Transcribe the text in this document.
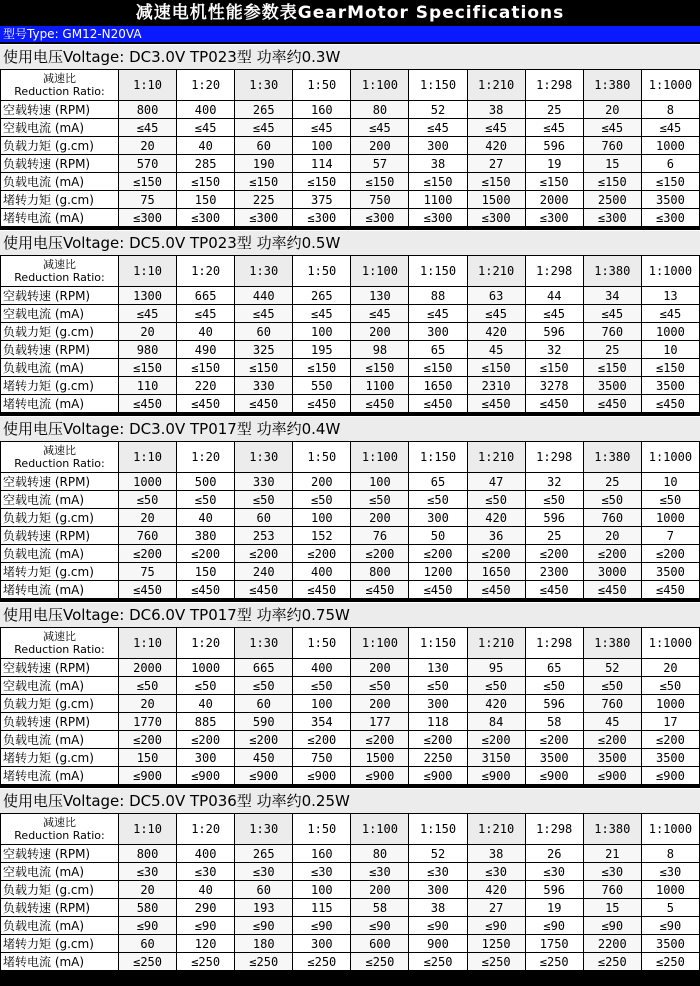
减速电机性能参数表GearMotor Specifications
型号Type: GM12-N20VA
使用电压Voltage: DC3.0V TP023型 功率约0.3W
减速比
Reduction Ratio:	1:10	1:20	1:30	1:50	1:100	1:150	1:210	1:298	1:380	1:1000
空载转速 (RPM)	800	400	265	160	80	52	38	25	20	8
空载电流 (mA)	≤45	≤45	≤45	≤45	≤45	≤45	≤45	≤45	≤45	≤45
负载力矩 (g.cm)	20	40	60	100	200	300	420	596	760	1000
负载转速 (RPM)	570	285	190	114	57	38	27	19	15	6
负载电流 (mA)	≤150	≤150	≤150	≤150	≤150	≤150	≤150	≤150	≤150	≤150
堵转力矩 (g.cm)	75	150	225	375	750	1100	1500	2000	2500	3500
堵转电流 (mA)	≤300	≤300	≤300	≤300	≤300	≤300	≤300	≤300	≤300	≤300
使用电压Voltage: DC5.0V TP023型 功率约0.5W
减速比
Reduction Ratio:	1:10	1:20	1:30	1:50	1:100	1:150	1:210	1:298	1:380	1:1000
空载转速 (RPM)	1300	665	440	265	130	88	63	44	34	13
空载电流 (mA)	≤45	≤45	≤45	≤45	≤45	≤45	≤45	≤45	≤45	≤45
负载力矩 (g.cm)	20	40	60	100	200	300	420	596	760	1000
负载转速 (RPM)	980	490	325	195	98	65	45	32	25	10
负载电流 (mA)	≤150	≤150	≤150	≤150	≤150	≤150	≤150	≤150	≤150	≤150
堵转力矩 (g.cm)	110	220	330	550	1100	1650	2310	3278	3500	3500
堵转电流 (mA)	≤450	≤450	≤450	≤450	≤450	≤450	≤450	≤450	≤450	≤450
使用电压Voltage: DC3.0V TP017型 功率约0.4W
减速比
Reduction Ratio:	1:10	1:20	1:30	1:50	1:100	1:150	1:210	1:298	1:380	1:1000
空载转速 (RPM)	1000	500	330	200	100	65	47	32	25	10
空载电流 (mA)	≤50	≤50	≤50	≤50	≤50	≤50	≤50	≤50	≤50	≤50
负载力矩 (g.cm)	20	40	60	100	200	300	420	596	760	1000
负载转速 (RPM)	760	380	253	152	76	50	36	25	20	7
负载电流 (mA)	≤200	≤200	≤200	≤200	≤200	≤200	≤200	≤200	≤200	≤200
堵转力矩 (g.cm)	75	150	240	400	800	1200	1650	2300	3000	3500
堵转电流 (mA)	≤450	≤450	≤450	≤450	≤450	≤450	≤450	≤450	≤450	≤450
使用电压Voltage: DC6.0V TP017型 功率约0.75W
减速比
Reduction Ratio:	1:10	1:20	1:30	1:50	1:100	1:150	1:210	1:298	1:380	1:1000
空载转速 (RPM)	2000	1000	665	400	200	130	95	65	52	20
空载电流 (mA)	≤50	≤50	≤50	≤50	≤50	≤50	≤50	≤50	≤50	≤50
负载力矩 (g.cm)	20	40	60	100	200	300	420	596	760	1000
负载转速 (RPM)	1770	885	590	354	177	118	84	58	45	17
负载电流 (mA)	≤200	≤200	≤200	≤200	≤200	≤200	≤200	≤200	≤200	≤200
堵转力矩 (g.cm)	150	300	450	750	1500	2250	3150	3500	3500	3500
堵转电流 (mA)	≤900	≤900	≤900	≤900	≤900	≤900	≤900	≤900	≤900	≤900
使用电压Voltage: DC5.0V TP036型 功率约0.25W
减速比
Reduction Ratio:	1:10	1:20	1:30	1:50	1:100	1:150	1:210	1:298	1:380	1:1000
空载转速 (RPM)	800	400	265	160	80	52	38	26	21	8
空载电流 (mA)	≤30	≤30	≤30	≤30	≤30	≤30	≤30	≤30	≤30	≤30
负载力矩 (g.cm)	20	40	60	100	200	300	420	596	760	1000
负载转速 (RPM)	580	290	193	115	58	38	27	19	15	5
负载电流 (mA)	≤90	≤90	≤90	≤90	≤90	≤90	≤90	≤90	≤90	≤90
堵转力矩 (g.cm)	60	120	180	300	600	900	1250	1750	2200	3500
堵转电流 (mA)	≤250	≤250	≤250	≤250	≤250	≤250	≤250	≤250	≤250	≤250
